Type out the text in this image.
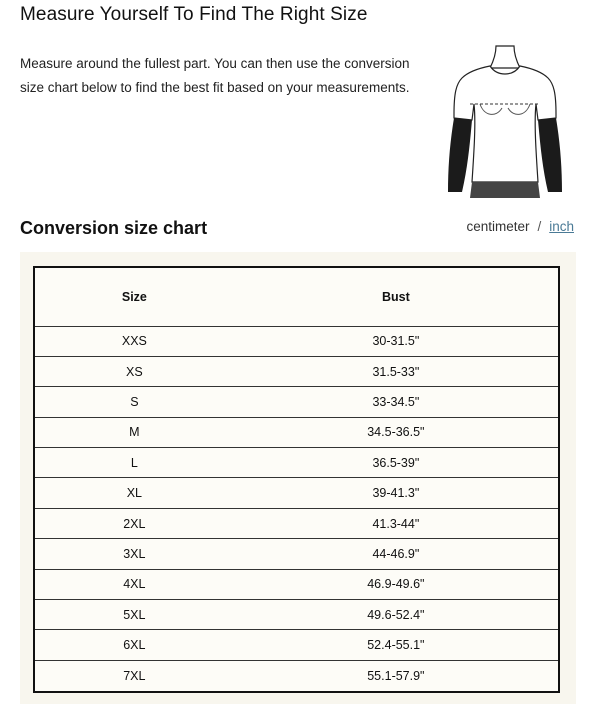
Measure Yourself To Find The Right Size

Measure around the fullest part. You can then use the conversion size chart below to find the best fit based on your measurements.

Conversion size chart	centimeter / inch
Size	Bust
XXS	30-31.5"
XS	31.5-33"
S	33-34.5"
M	34.5-36.5"
L	36.5-39"
XL	39-41.3"
2XL	41.3-44"
3XL	44-46.9"
4XL	46.9-49.6"
5XL	49.6-52.4"
6XL	52.4-55.1"
7XL	55.1-57.9"
